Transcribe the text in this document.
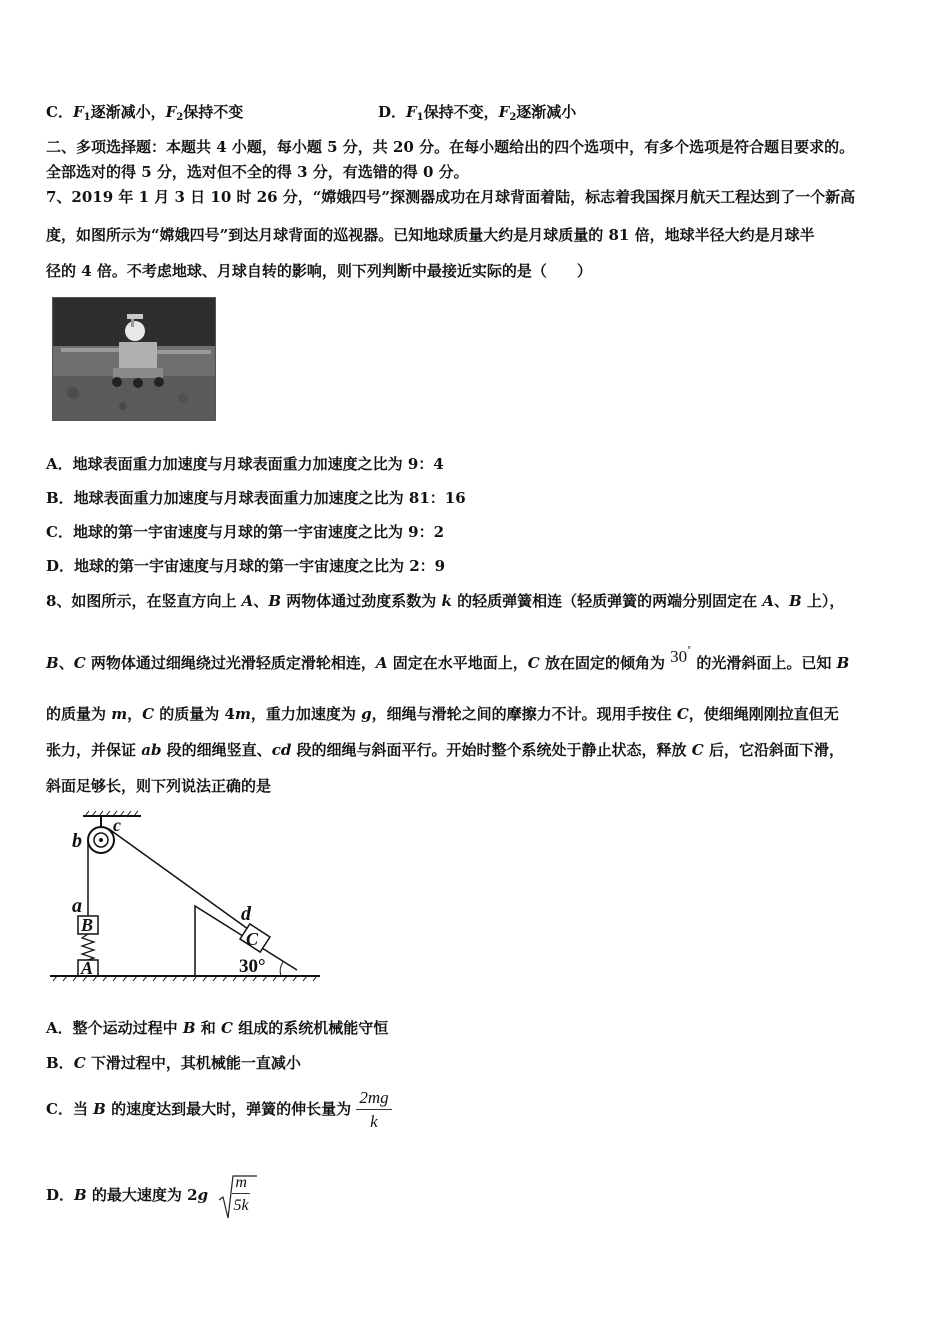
C．$F_1$逐渐减小，$F_2$保持不变	D．$F_1$保持不变，$F_2$逐渐减小
二、多项选择题：本题共 4 小题，每小题 5 分，共 20 分。在每小题给出的四个选项中，有多个选项是符合题目要求的。
全部选对的得 5 分，选对但不全的得 3 分，有选错的得 0 分。
7、2019 年 1 月 3 日 10 时 26 分，“嫦娥四号”探测器成功在月球背面着陆，标志着我国探月航天工程达到了一个新高
度，如图所示为“嫦娥四号”到达月球背面的巡视器。已知地球质量大约是月球质量的 81 倍，地球半径大约是月球半
径的 4 倍。不考虑地球、月球自转的影响，则下列判断中最接近实际的是（　　）
A．地球表面重力加速度与月球表面重力加速度之比为 9：4
B．地球表面重力加速度与月球表面重力加速度之比为 81：16
C．地球的第一宇宙速度与月球的第一宇宙速度之比为 9：2
D．地球的第一宇宙速度与月球的第一宇宙速度之比为 2：9
8、如图所示，在竖直方向上 A、B 两物体通过劲度系数为 k 的轻质弹簧相连（轻质弹簧的两端分别固定在 A、B 上），
B、C 两物体通过细绳绕过光滑轻质定滑轮相连，A 固定在水平地面上，C 放在固定的倾角为 30° 的光滑斜面上。已知 B
的质量为 m，C 的质量为 4m，重力加速度为 g，细绳与滑轮之间的摩擦力不计。现用手按住 C，使细绳刚刚拉直但无
张力，并保证 ab 段的细绳竖直、cd 段的细绳与斜面平行。开始时整个系统处于静止状态，释放 C 后，它沿斜面下滑，
斜面足够长，则下列说法正确的是
B
A
C
30°
b
c
a	d
A．整个运动过程中 B 和 C 组成的系统机械能守恒
B．C 下滑过程中，其机械能一直减小
C．当 B 的速度达到最大时，弹簧的伸长量为 $\frac{2mg}{k}$
D．B 的最大速度为 $2g \frac{m}{5k}$
